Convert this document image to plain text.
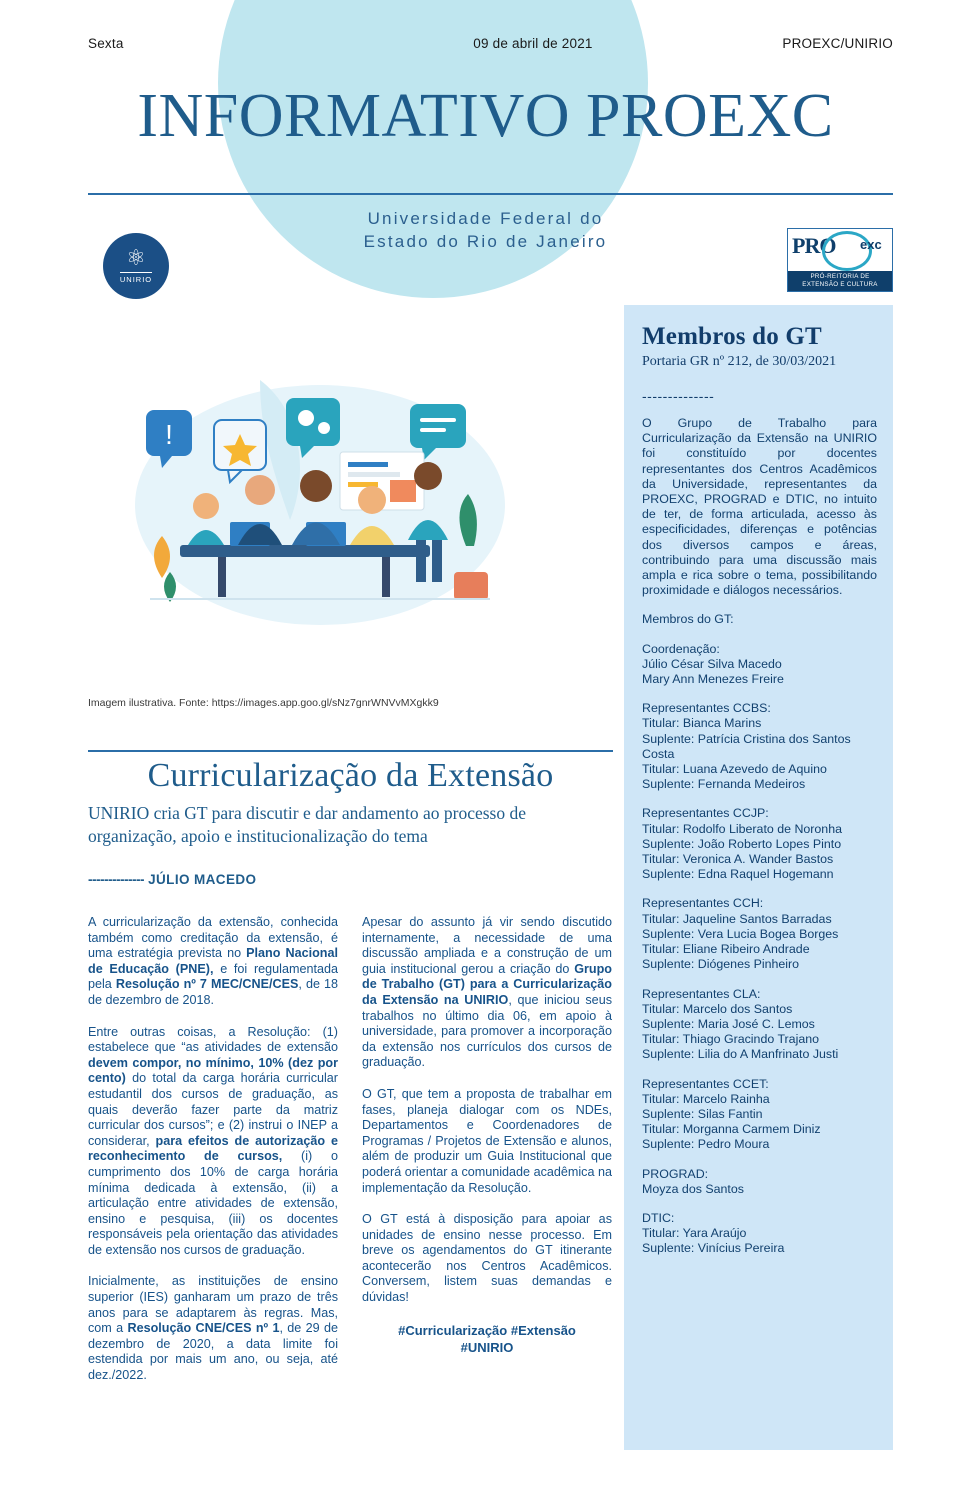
Sexta	09 de abril de 2021	PROEXC/UNIRIO
INFORMATIVO PROEXC
Universidade Federal do
Estado do Rio de Janeiro
⚛
UNIRIO
PRO exc
PRÓ-REITORIA DE
EXTENSÃO E CULTURA
!
Imagem ilustrativa. Fonte: https://images.app.goo.gl/sNz7gnrWNVvMXgkk9
Curricularização da Extensão
UNIRIO cria GT para discutir e dar andamento ao processo de organização, apoio e institucionalização do tema
-------------- JÚLIO MACEDO

A curricularização da extensão, conhecida também como creditação da extensão, é uma estratégia prevista no Plano Nacional de Educação (PNE), e foi regulamentada pela Resolução nº 7 MEC/CNE/CES, de 18 de dezembro de 2018.

Entre outras coisas, a Resolução: (1) estabelece que “as atividades de extensão devem compor, no mínimo, 10% (dez por cento) do total da carga horária curricular estudantil dos cursos de graduação, as quais deverão fazer parte da matriz curricular dos cursos”; e (2) instrui o INEP a considerar, para efeitos de autorização e reconhecimento de cursos, (i) o cumprimento dos 10% de carga horária mínima dedicada à extensão, (ii) a articulação entre atividades de extensão, ensino e pesquisa, (iii) os docentes responsáveis pela orientação das atividades de extensão nos cursos de graduação.

Inicialmente, as instituições de ensino superior (IES) ganharam um prazo de três anos para se adaptarem às regras. Mas, com a Resolução CNE/CES nº 1, de 29 de dezembro de 2020, a data limite foi estendida por mais um ano, ou seja, até dez./2022.

Apesar do assunto já vir sendo discutido internamente, a necessidade de uma discussão ampliada e a construção de um guia institucional gerou a criação do Grupo de Trabalho (GT) para a Curricularização da Extensão na UNIRIO, que iniciou seus trabalhos no último dia 06, em apoio à universidade, para promover a incorporação da extensão nos currículos dos cursos de graduação.

O GT, que tem a proposta de trabalhar em fases, planeja dialogar com os NDEs, Departamentos e Coordenadores de Programas / Projetos de Extensão e alunos, além de produzir um Guia Institucional que poderá orientar a comunidade acadêmica na implementação da Resolução.

O GT está à disposição para apoiar as unidades de ensino nesse processo. Em breve os agendamentos do GT itinerante acontecerão nos Centros Acadêmicos. Conversem, listem suas demandas e dúvidas!

#Curricularização #Extensão
#UNIRIO
Membros do GT
Portaria GR nº 212, de 30/03/2021
--------------

O Grupo de Trabalho para Curricularização da Extensão na UNIRIO foi constituído por docentes representantes dos Centros Acadêmicos da Universidade, representantes da PROEXC, PROGRAD e DTIC, no intuito de ter, de forma articulada, acesso às especificidades, diferenças e potências dos diversos campos e áreas, contribuindo para uma discussão mais ampla e rica sobre o tema, possibilitando proximidade e diálogos necessários.

Membros do GT:
Coordenação:
Júlio César Silva Macedo
Mary Ann Menezes Freire
Representantes CCBS:
Titular: Bianca Marins
Suplente: Patrícia Cristina dos Santos Costa
Titular: Luana Azevedo de Aquino
Suplente: Fernanda Medeiros
Representantes CCJP:
Titular: Rodolfo Liberato de Noronha
Suplente: João Roberto Lopes Pinto
Titular: Veronica A. Wander Bastos
Suplente: Edna Raquel Hogemann
Representantes CCH:
Titular: Jaqueline Santos Barradas
Suplente: Vera Lucia Bogea Borges
Titular: Eliane Ribeiro Andrade
Suplente: Diógenes Pinheiro
Representantes CLA:
Titular: Marcelo dos Santos
Suplente: Maria José C. Lemos
Titular: Thiago Gracindo Trajano
Suplente: Lilia do A Manfrinato Justi
Representantes CCET:
Titular: Marcelo Rainha
Suplente: Silas Fantin
Titular: Morganna Carmem Diniz
Suplente: Pedro Moura
PROGRAD:
Moyza dos Santos
DTIC:
Titular: Yara Araújo
Suplente: Vinícius Pereira
